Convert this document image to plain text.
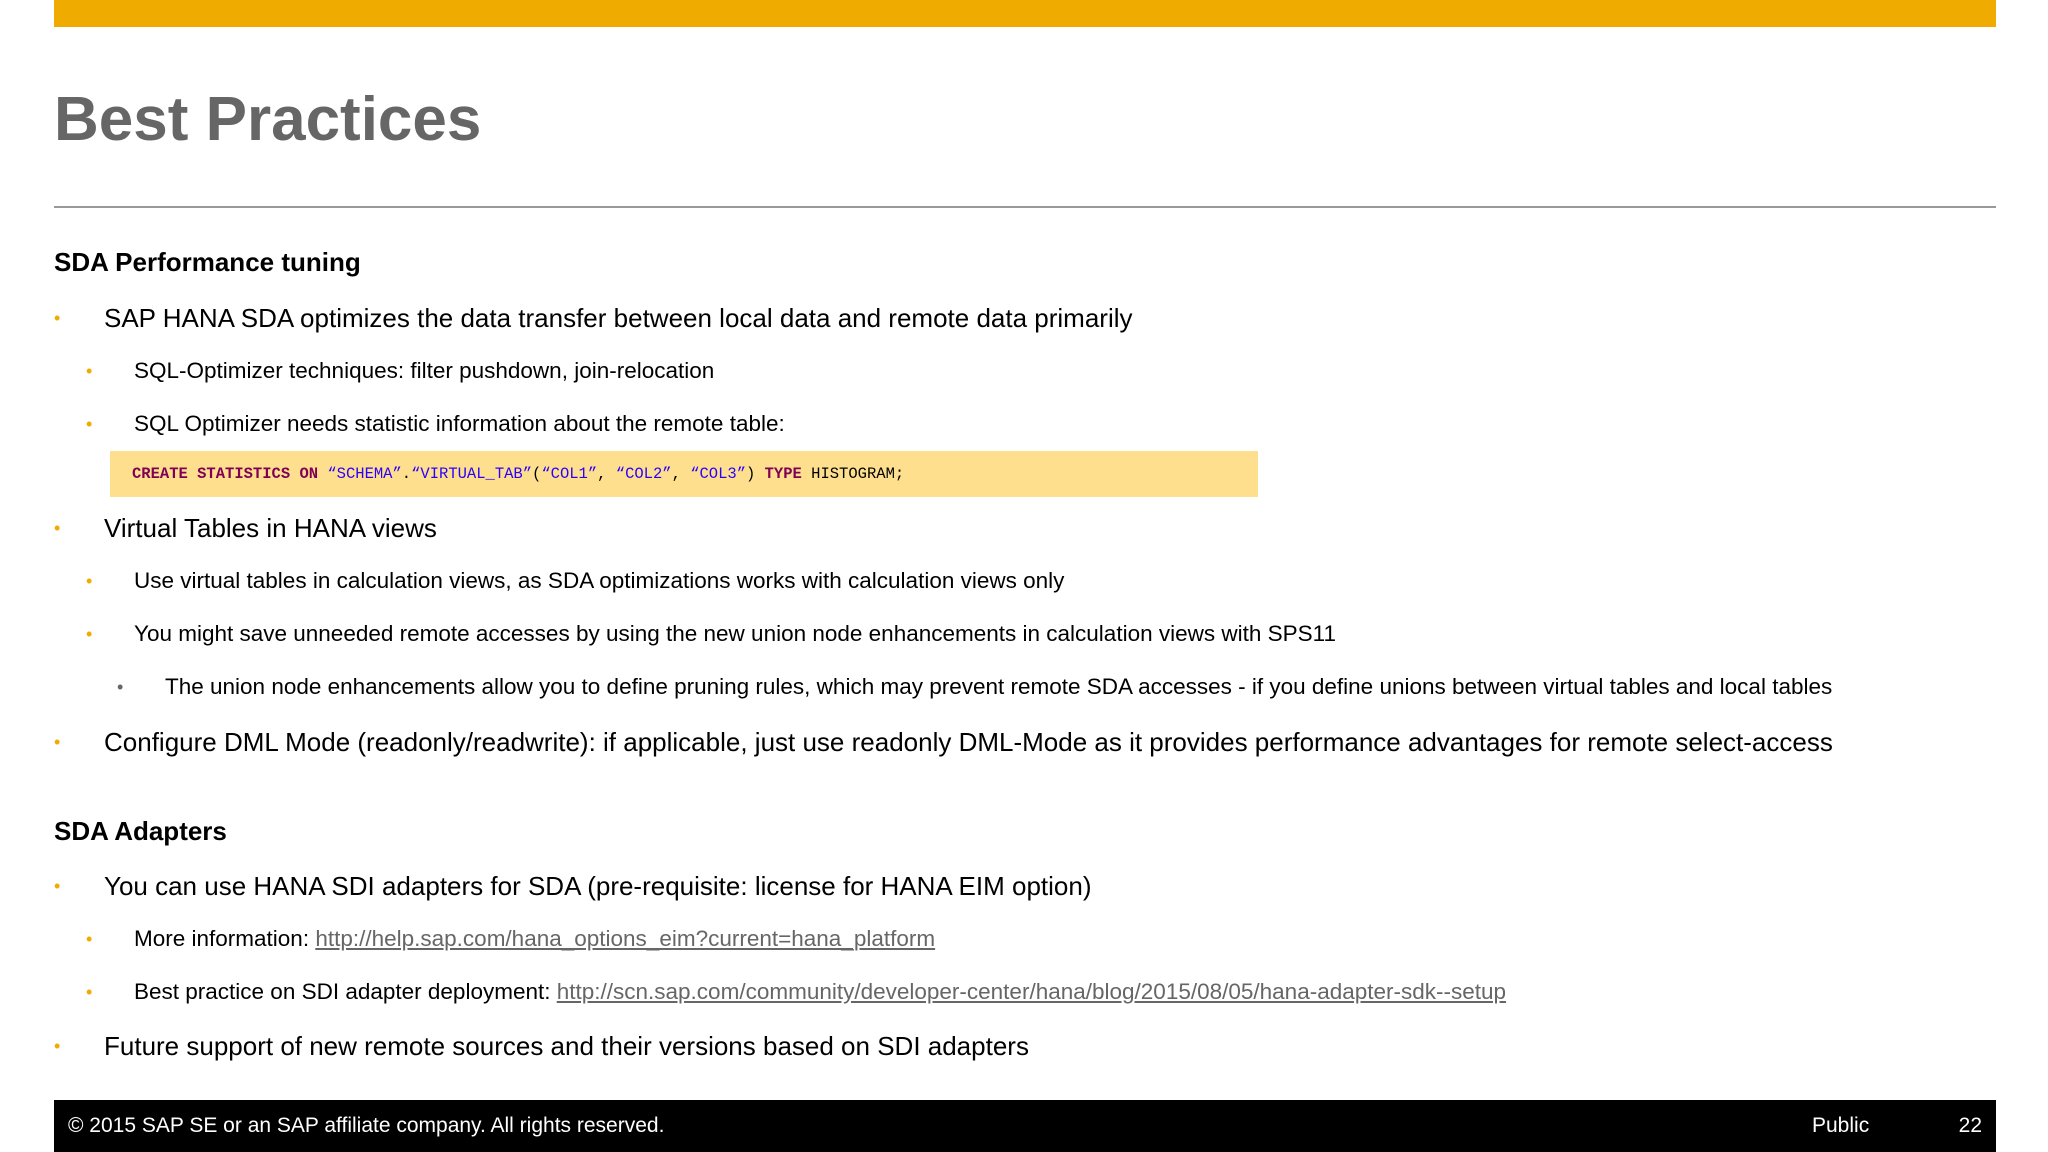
Best Practices
SDA Performance tuning
• SAP HANA SDA optimizes the data transfer between local data and remote data primarily
• SQL-Optimizer techniques: filter pushdown, join-relocation
• SQL Optimizer needs statistic information about the remote table:
CREATE STATISTICS ON “SCHEMA”.“VIRTUAL_TAB”(“COL1”, “COL2”, “COL3”) TYPE HISTOGRAM;
• Virtual Tables in HANA views
• Use virtual tables in calculation views, as SDA optimizations works with calculation views only
• You might save unneeded remote accesses by using the new union node enhancements in calculation views with SPS11
• The union node enhancements allow you to define pruning rules, which may prevent remote SDA accesses - if you define unions between virtual tables and local tables
• Configure DML Mode (readonly/readwrite): if applicable, just use readonly DML-Mode as it provides performance advantages for remote select-access
SDA Adapters
• You can use HANA SDI adapters for SDA (pre-requisite: license for HANA EIM option)
• More information: http://help.sap.com/hana_options_eim?current=hana_platform
• Best practice on SDI adapter deployment: http://scn.sap.com/community/developer-center/hana/blog/2015/08/05/hana-adapter-sdk--setup
• Future support of new remote sources and their versions based on SDI adapters
© 2015 SAP SE or an SAP affiliate company. All rights reserved.	Public	22
